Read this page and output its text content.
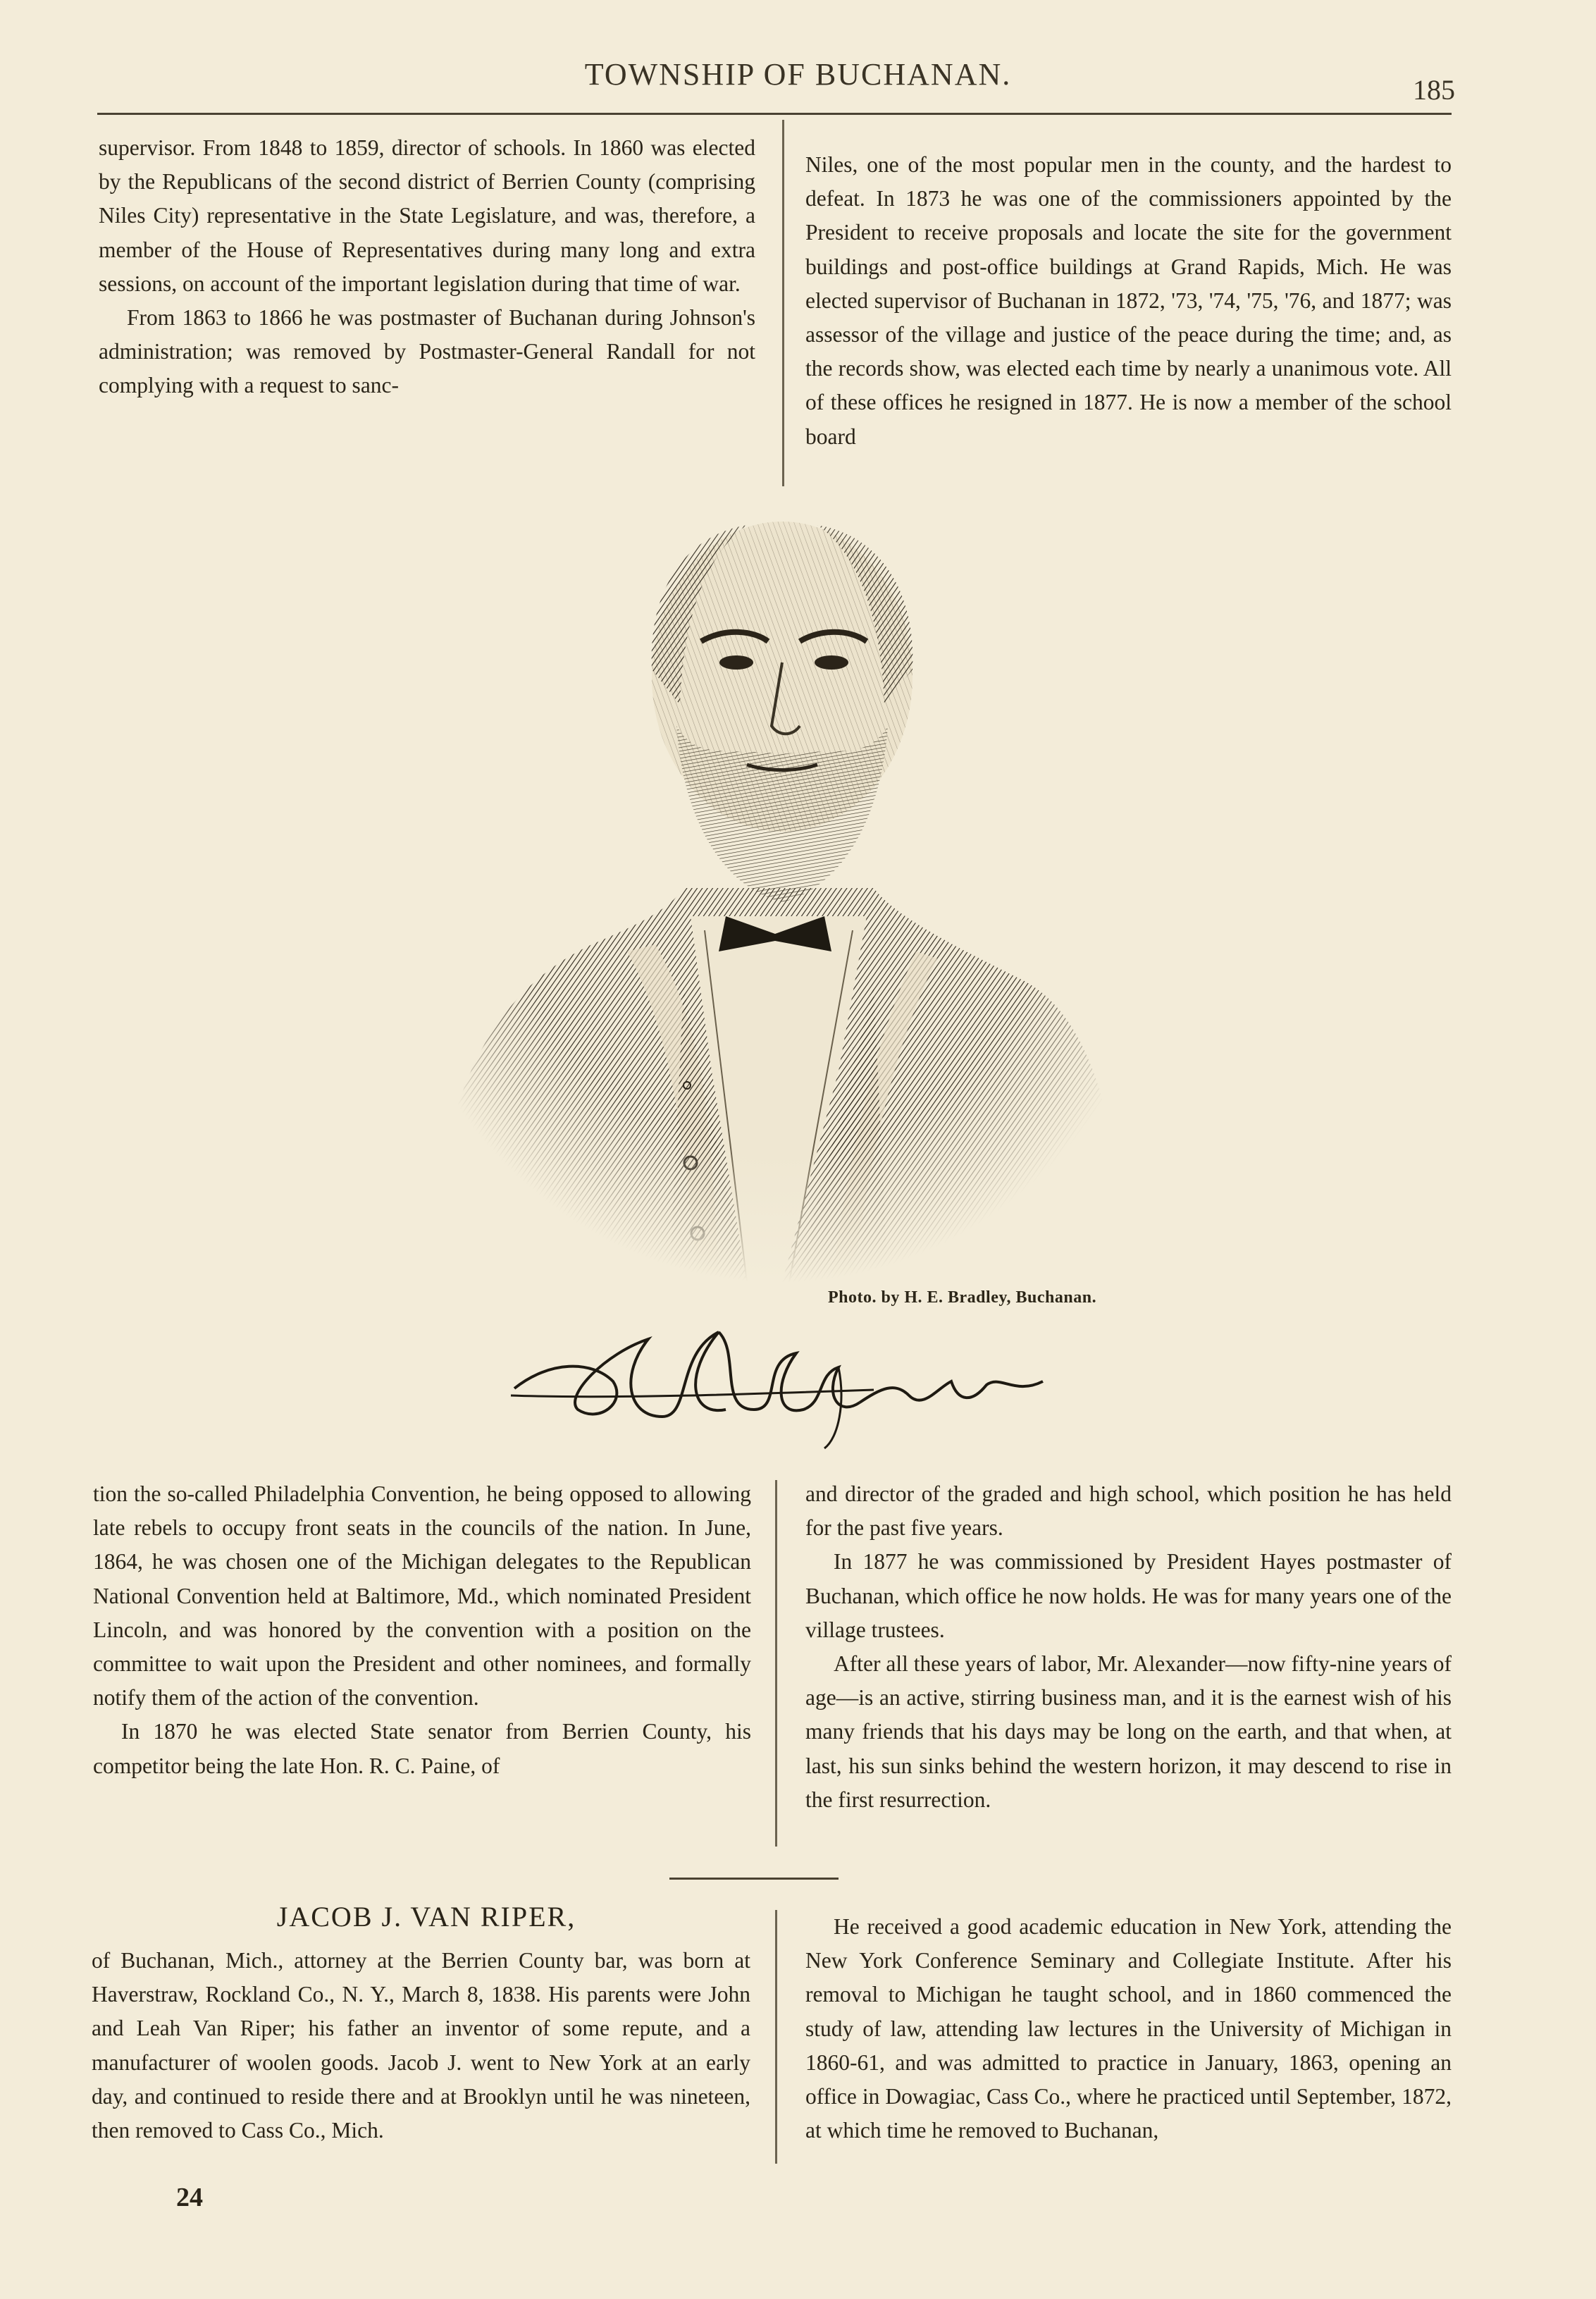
TOWNSHIP OF BUCHANAN.	185

supervisor. From 1848 to 1859, director of schools. In 1860 was elected by the Republicans of the second district of Berrien County (comprising Niles City) representative in the State Legislature, and was, therefore, a member of the House of Representatives during many long and extra sessions, on account of the important legislation during that time of war.

From 1863 to 1866 he was postmaster of Buchanan during Johnson's administration; was removed by Postmaster-General Randall for not complying with a request to sanc-

Niles, one of the most popular men in the county, and the hardest to defeat. In 1873 he was one of the commissioners appointed by the President to receive proposals and locate the site for the government buildings and post-office buildings at Grand Rapids, Mich. He was elected supervisor of Buchanan in 1872, '73, '74, '75, '76, and 1877; was assessor of the village and justice of the peace during the time; and, as the records show, was elected each time by nearly a unanimous vote. All of these offices he resigned in 1877. He is now a member of the school board

Photo. by H. E. Bradley, Buchanan.

tion the so-called Philadelphia Convention, he being opposed to allowing late rebels to occupy front seats in the councils of the nation. In June, 1864, he was chosen one of the Michigan delegates to the Republican National Convention held at Baltimore, Md., which nominated President Lincoln, and was honored by the convention with a position on the committee to wait upon the President and other nominees, and formally notify them of the action of the convention.

In 1870 he was elected State senator from Berrien County, his competitor being the late Hon. R. C. Paine, of

and director of the graded and high school, which position he has held for the past five years.

In 1877 he was commissioned by President Hayes postmaster of Buchanan, which office he now holds. He was for many years one of the village trustees.

After all these years of labor, Mr. Alexander—now fifty-nine years of age—is an active, stirring business man, and it is the earnest wish of his many friends that his days may be long on the earth, and that when, at last, his sun sinks behind the western horizon, it may descend to rise in the first resurrection.

JACOB J. VAN RIPER,

of Buchanan, Mich., attorney at the Berrien County bar, was born at Haverstraw, Rockland Co., N. Y., March 8, 1838. His parents were John and Leah Van Riper; his father an inventor of some repute, and a manufacturer of woolen goods. Jacob J. went to New York at an early day, and continued to reside there and at Brooklyn until he was nineteen, then removed to Cass Co., Mich.

24

He received a good academic education in New York, attending the New York Conference Seminary and Collegiate Institute. After his removal to Michigan he taught school, and in 1860 commenced the study of law, attending law lectures in the University of Michigan in 1860-61, and was admitted to practice in January, 1863, opening an office in Dowagiac, Cass Co., where he practiced until September, 1872, at which time he removed to Buchanan,
